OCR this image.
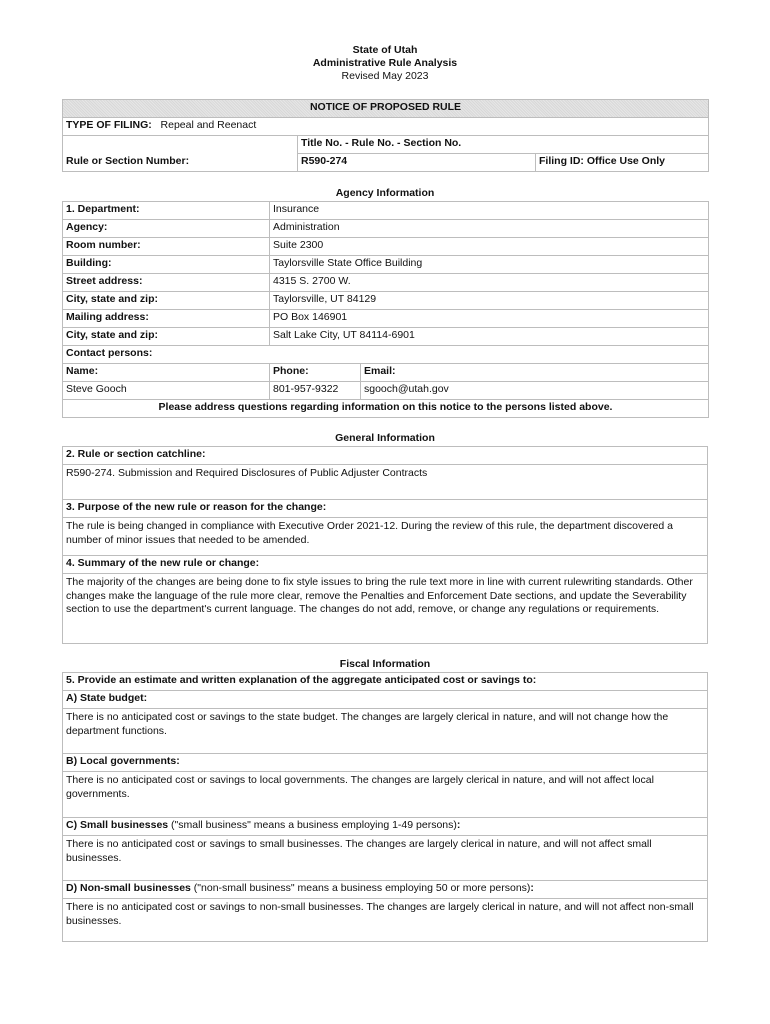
State of Utah
Administrative Rule Analysis
Revised May 2023
NOTICE OF PROPOSED RULE		
TYPE OF FILING: Repeal and Reenact		
	Title No. - Rule No. - Section No.	
Rule or Section Number:	R590-274	Filing ID: Office Use Only
Agency Information
1. Department:	Insurance	
Agency:	Administration	
Room number:	Suite 2300	
Building:	Taylorsville State Office Building	
Street address:	4315 S. 2700 W.	
City, state and zip:	Taylorsville, UT 84129	
Mailing address:	PO Box 146901	
City, state and zip:	Salt Lake City, UT 84114-6901	
Contact persons:		
Name:	Phone:	Email:
Steve Gooch	801-957-9322	sgooch@utah.gov
Please address questions regarding information on this notice to the persons listed above.		
General Information
2. Rule or section catchline:
R590-274. Submission and Required Disclosures of Public Adjuster Contracts
3. Purpose of the new rule or reason for the change:
The rule is being changed in compliance with Executive Order 2021-12. During the review of this rule, the department discovered a number of minor issues that needed to be amended.
4. Summary of the new rule or change:
The majority of the changes are being done to fix style issues to bring the rule text more in line with current rulewriting standards. Other changes make the language of the rule more clear, remove the Penalties and Enforcement Date sections, and update the Severability section to use the department's current language. The changes do not add, remove, or change any regulations or requirements.
Fiscal Information
5. Provide an estimate and written explanation of the aggregate anticipated cost or savings to:
A) State budget:
There is no anticipated cost or savings to the state budget. The changes are largely clerical in nature, and will not change how the department functions.
B) Local governments:
There is no anticipated cost or savings to local governments. The changes are largely clerical in nature, and will not affect local governments.
C) Small businesses ("small business" means a business employing 1-49 persons):
There is no anticipated cost or savings to small businesses. The changes are largely clerical in nature, and will not affect small businesses.
D) Non-small businesses ("non-small business" means a business employing 50 or more persons):
There is no anticipated cost or savings to non-small businesses. The changes are largely clerical in nature, and will not affect non-small businesses.
